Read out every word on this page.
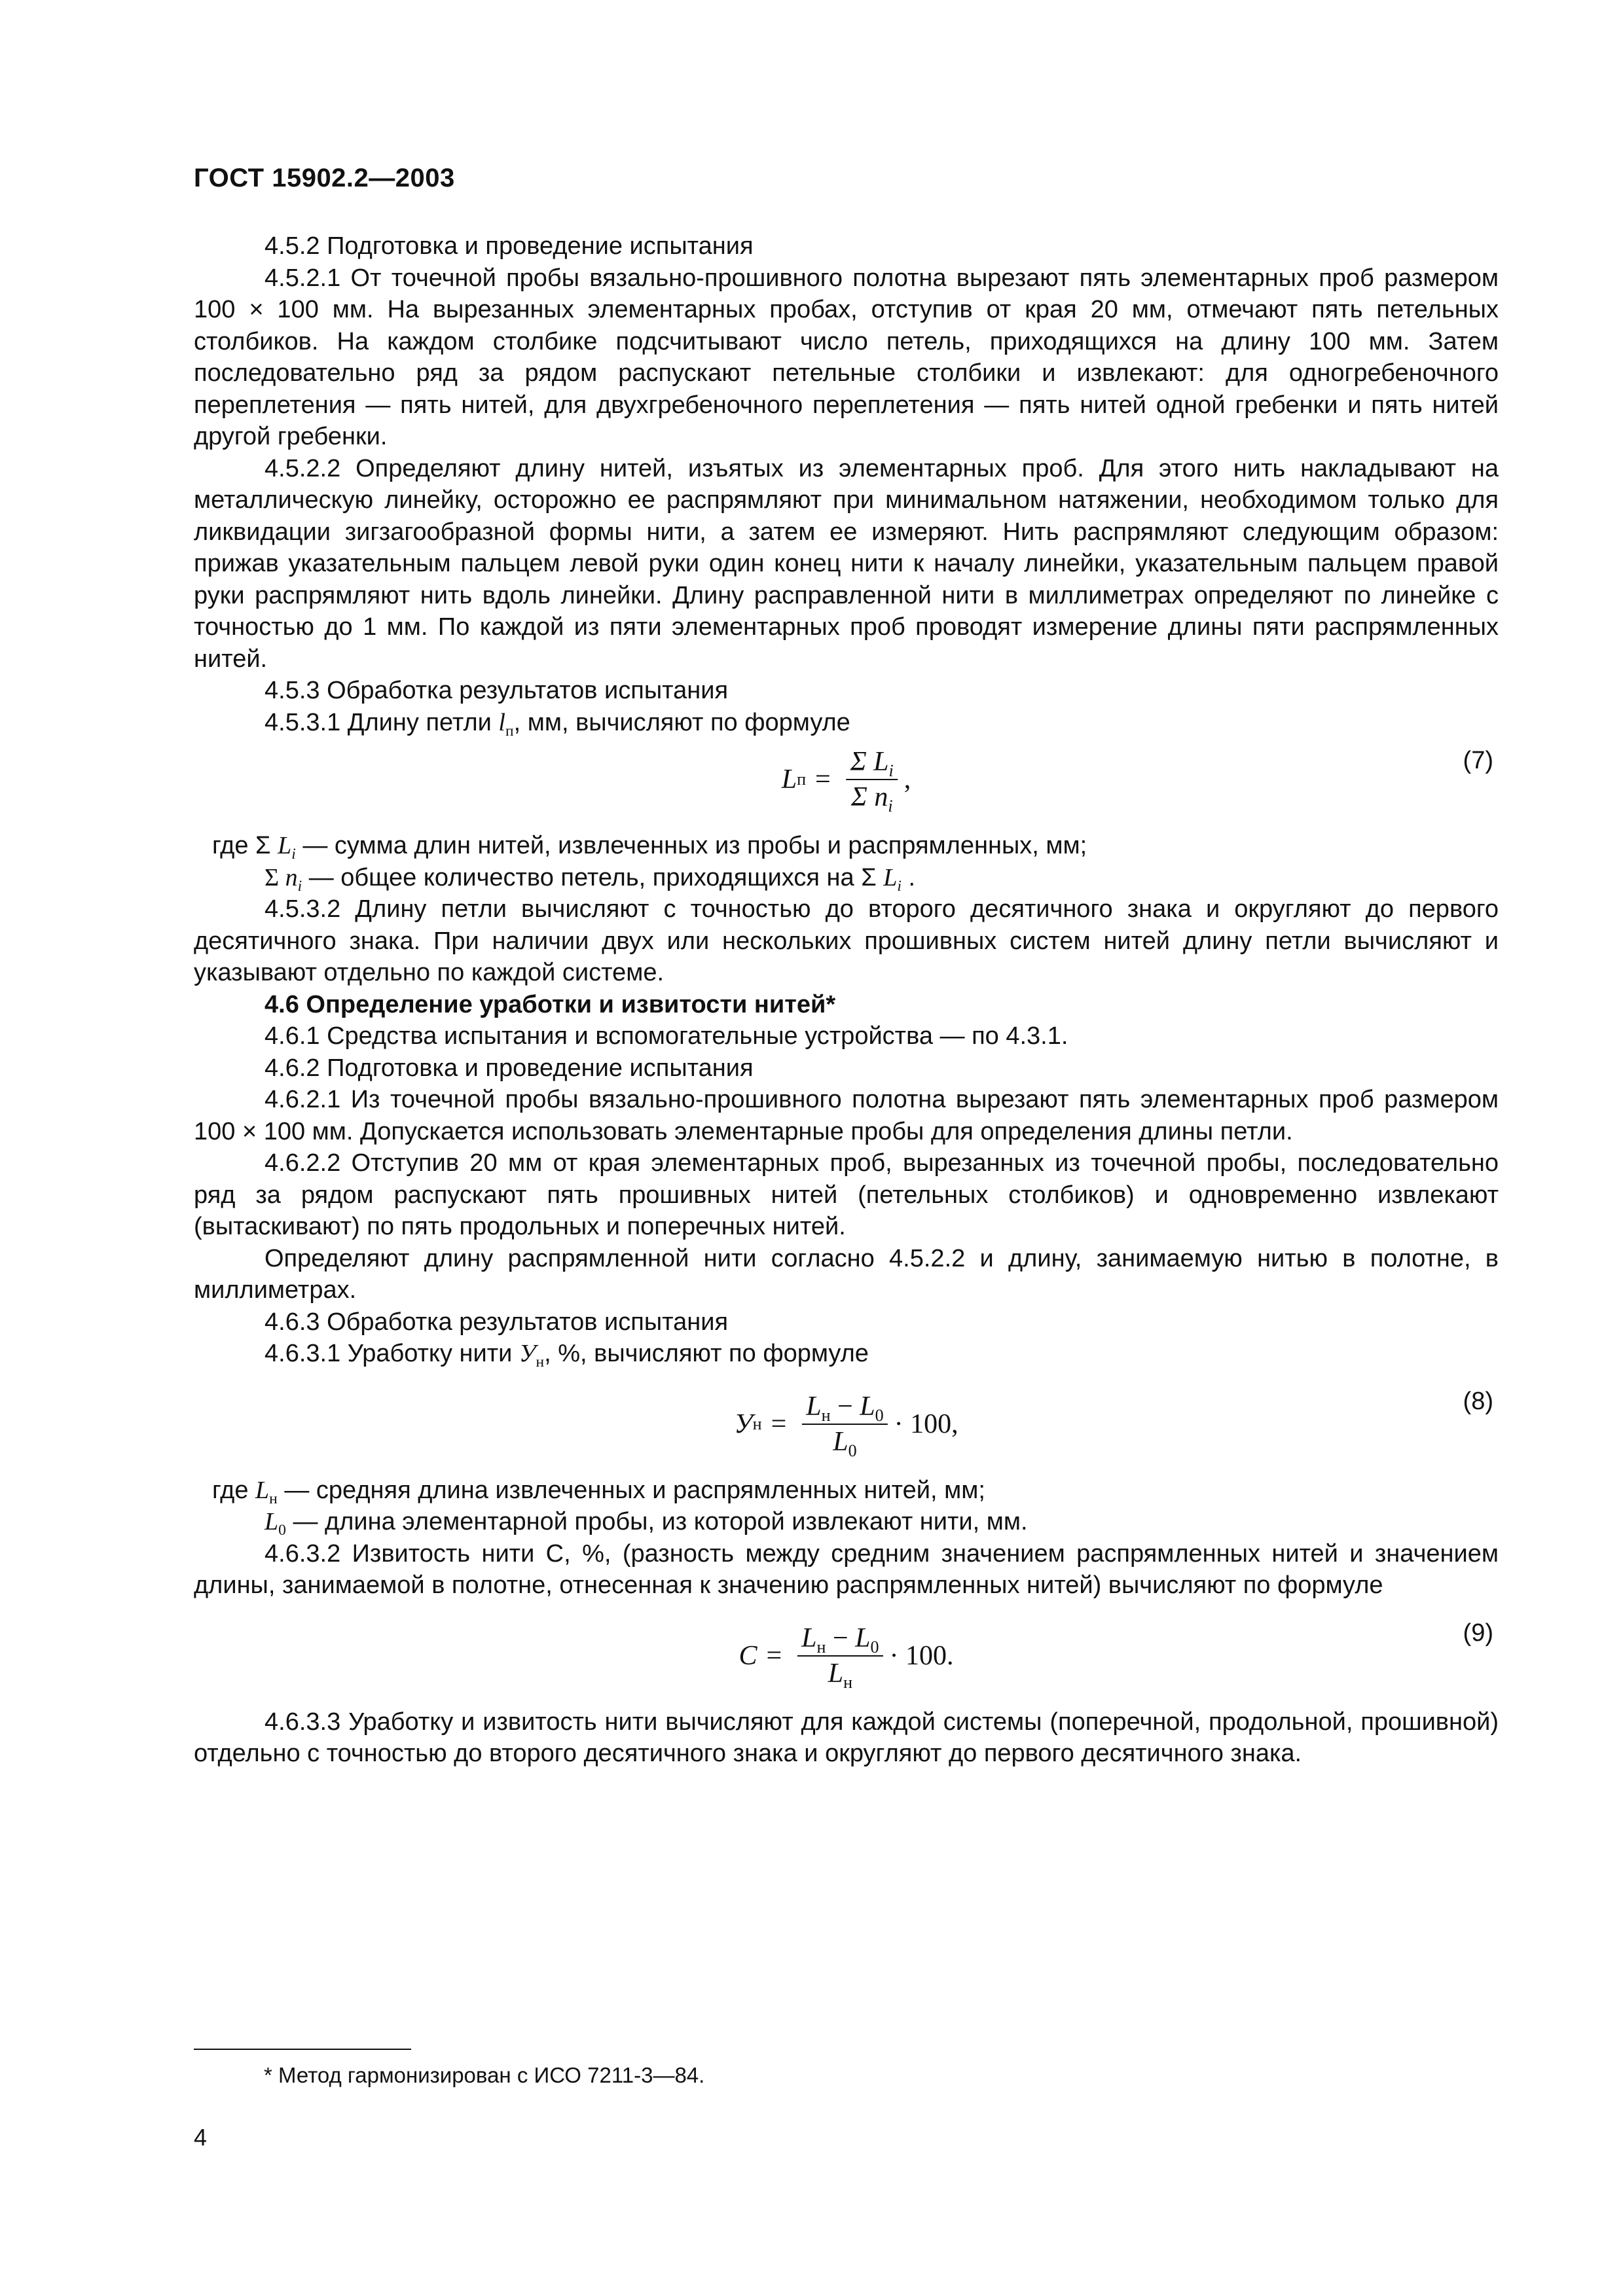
ГОСТ 15902.2—2003

4.5.2 Подготовка и проведение испытания

4.5.2.1 От точечной пробы вязально-прошивного полотна вырезают пять элементарных проб размером 100 × 100 мм. На вырезанных элементарных пробах, отступив от края 20 мм, отмечают пять петельных столбиков. На каждом столбике подсчитывают число петель, приходящихся на длину 100 мм. Затем последовательно ряд за рядом распускают петельные столбики и извлекают: для одногребеночного переплетения — пять нитей, для двухгребеночного переплетения — пять нитей одной гребенки и пять нитей другой гребенки.

4.5.2.2 Определяют длину нитей, изъятых из элементарных проб. Для этого нить накладывают на металлическую линейку, осторожно ее распрямляют при минимальном натяжении, необходимом только для ликвидации зигзагообразной формы нити, а затем ее измеряют. Нить распрямляют следующим образом: прижав указательным пальцем левой руки один конец нити к началу линейки, указательным пальцем правой руки распрямляют нить вдоль линейки. Длину расправленной нити в миллиметрах определяют по линейке с точностью до 1 мм. По каждой из пяти элементарных проб проводят измерение длины пяти распрямленных нитей.

4.5.3 Обработка результатов испытания

4.5.3.1 Длину петли $l_п$, мм, вычисляют по формуле

L $п = \frac{\Sigma L_i}{\Sigma n_i}$ ,
(7)

где Σ $L_i$ — сумма длин нитей, извлеченных из пробы и распрямленных, мм;

Σ $n_i$ — общее количество петель, приходящихся на Σ $L_i$ .

4.5.3.2 Длину петли вычисляют с точностью до второго десятичного знака и округляют до первого десятичного знака. При наличии двух или нескольких прошивных систем нитей длину петли вычисляют и указывают отдельно по каждой системе.

4.6 Определение уработки и извитости нитей*

4.6.1 Средства испытания и вспомогательные устройства — по 4.3.1.

4.6.2 Подготовка и проведение испытания

4.6.2.1 Из точечной пробы вязально-прошивного полотна вырезают пять элементарных проб размером 100 × 100 мм. Допускается использовать элементарные пробы для определения длины петли.

4.6.2.2 Отступив 20 мм от края элементарных проб, вырезанных из точечной пробы, последовательно ряд за рядом распускают пять прошивных нитей (петельных столбиков) и одновременно извлекают (вытаскивают) по пять продольных и поперечных нитей.

Определяют длину распрямленной нити согласно 4.5.2.2 и длину, занимаемую нитью в полотне, в миллиметрах.

4.6.3 Обработка результатов испытания

4.6.3.1 Уработку нити $У_н$, %, вычисляют по формуле

У $н = \frac{L_н - L_0}{L_0} \cdot 100$,
(8)

где $L_н$ — средняя длина извлеченных и распрямленных нитей, мм;

$L_0$ — длина элементарной пробы, из которой извлекают нити, мм.

4.6.3.2 Извитость нити С, %, (разность между средним значением распрямленных нитей и значением длины, занимаемой в полотне, отнесенная к значению распрямленных нитей) вычисляют по формуле

$C = \frac{L_н - L_0}{L_н} \cdot 100$.
(9)

4.6.3.3 Уработку и извитость нити вычисляют для каждой системы (поперечной, продольной, прошивной) отдельно с точностью до второго десятичного знака и округляют до первого десятичного знака.

* Метод гармонизирован с ИСО 7211-3—84.
4
